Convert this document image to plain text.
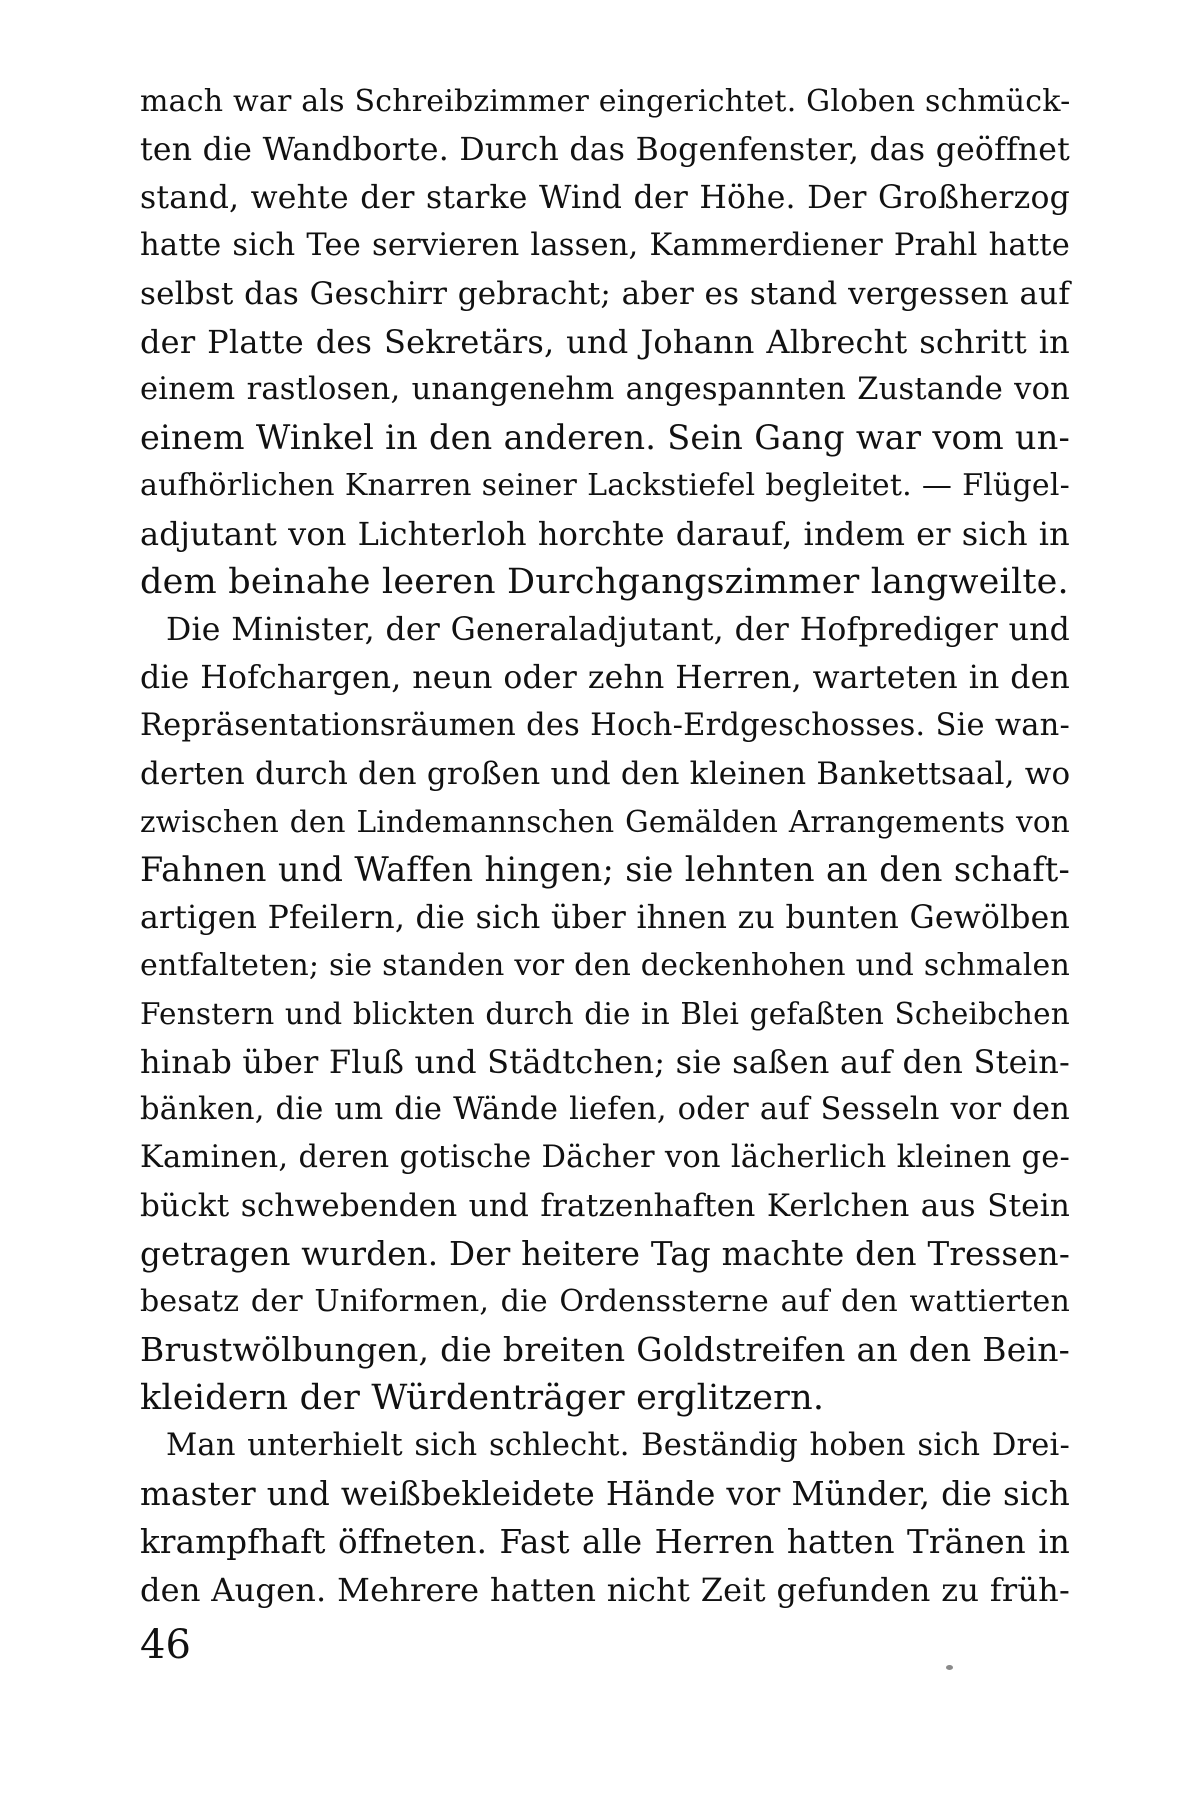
mach war als Schreibzimmer eingerichtet. Globen schmück-
ten die Wandborte. Durch das Bogenfenster, das geöffnet
stand, wehte der starke Wind der Höhe. Der Großherzog
hatte sich Tee servieren lassen, Kammerdiener Prahl hatte
selbst das Geschirr gebracht; aber es stand vergessen auf
der Platte des Sekretärs, und Johann Albrecht schritt in
einem rastlosen, unangenehm angespannten Zustande von
einem Winkel in den anderen. Sein Gang war vom un-
aufhörlichen Knarren seiner Lackstiefel begleitet. — Flügel-
adjutant von Lichterloh horchte darauf, indem er sich in
dem beinahe leeren Durchgangszimmer langweilte.
Die Minister, der Generaladjutant, der Hofprediger und
die Hofchargen, neun oder zehn Herren, warteten in den
Repräsentationsräumen des Hoch-Erdgeschosses. Sie wan-
derten durch den großen und den kleinen Bankettsaal, wo
zwischen den Lindemannschen Gemälden Arrangements von
Fahnen und Waffen hingen; sie lehnten an den schaft-
artigen Pfeilern, die sich über ihnen zu bunten Gewölben
entfalteten; sie standen vor den deckenhohen und schmalen
Fenstern und blickten durch die in Blei gefaßten Scheibchen
hinab über Fluß und Städtchen; sie saßen auf den Stein-
bänken, die um die Wände liefen, oder auf Sesseln vor den
Kaminen, deren gotische Dächer von lächerlich kleinen ge-
bückt schwebenden und fratzenhaften Kerlchen aus Stein
getragen wurden. Der heitere Tag machte den Tressen-
besatz der Uniformen, die Ordenssterne auf den wattierten
Brustwölbungen, die breiten Goldstreifen an den Bein-
kleidern der Würdenträger erglitzern.
Man unterhielt sich schlecht. Beständig hoben sich Drei-
master und weißbekleidete Hände vor Münder, die sich
krampfhaft öffneten. Fast alle Herren hatten Tränen in
den Augen. Mehrere hatten nicht Zeit gefunden zu früh-
46
